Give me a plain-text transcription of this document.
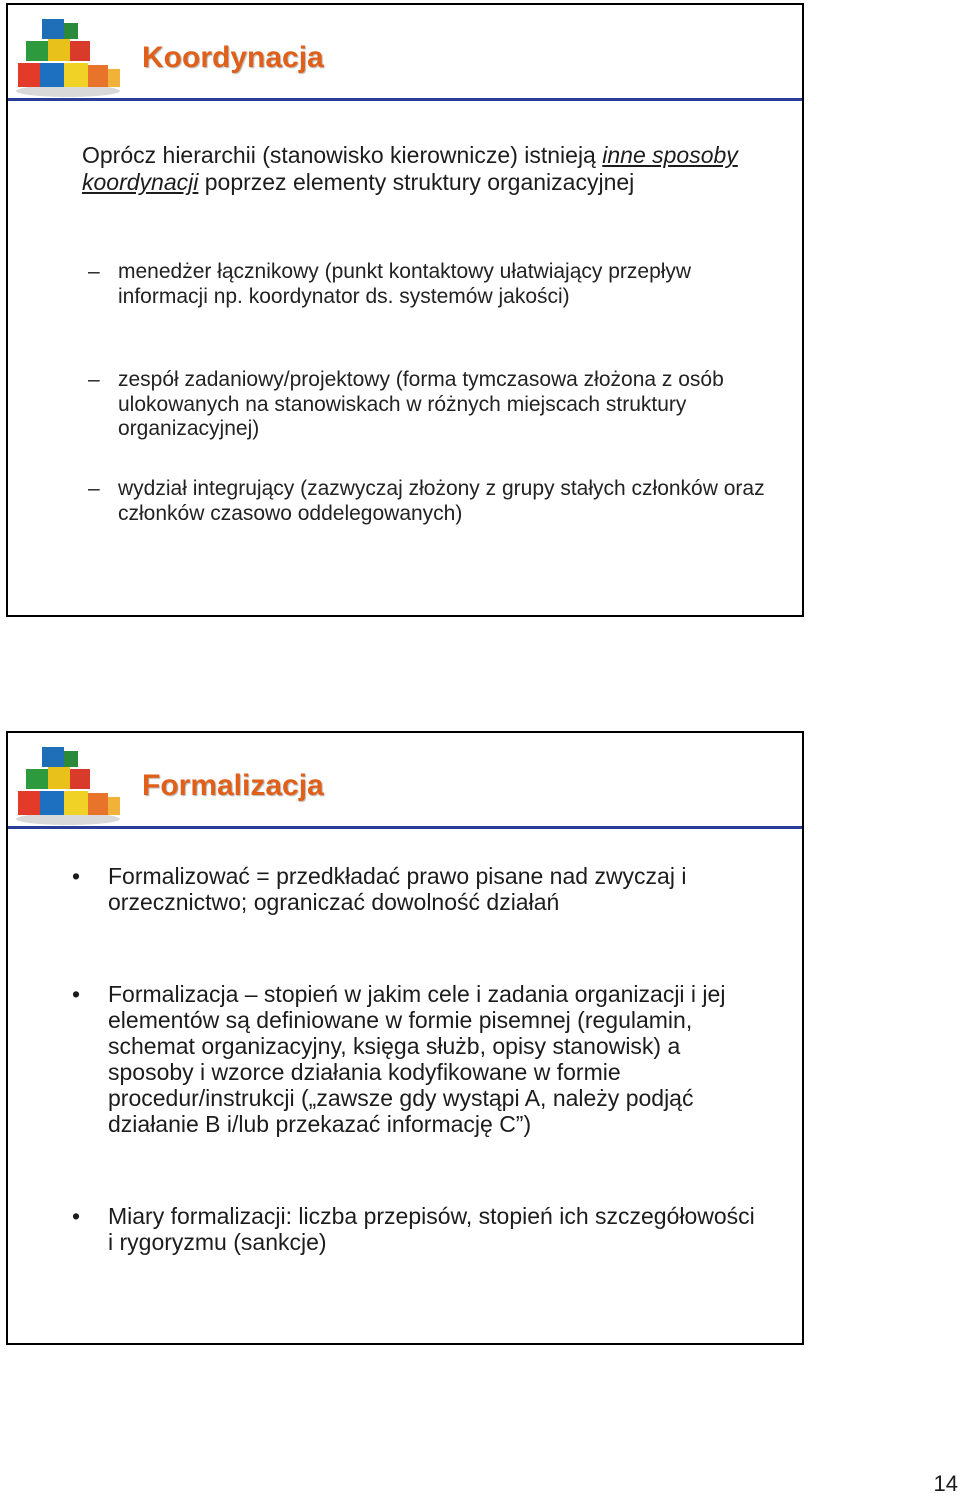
Koordynacja
Oprócz hierarchii (stanowisko kierownicze) istnieją inne sposoby koordynacji poprzez elementy struktury organizacyjnej
– menedżer łącznikowy (punkt kontaktowy ułatwiający przepływ informacji np. koordynator ds. systemów jakości)
– zespół zadaniowy/projektowy (forma tymczasowa złożona z osób ulokowanych na stanowiskach w różnych miejscach struktury organizacyjnej)
– wydział integrujący (zazwyczaj złożony z grupy stałych członków oraz członków czasowo oddelegowanych)
Formalizacja
• Formalizować = przedkładać prawo pisane nad zwyczaj i orzecznictwo; ograniczać dowolność działań
• Formalizacja – stopień w jakim cele i zadania organizacji i jej elementów są definiowane w formie pisemnej (regulamin, schemat organizacyjny, księga służb, opisy stanowisk) a sposoby i wzorce działania kodyfikowane w formie procedur/instrukcji („zawsze gdy wystąpi A, należy podjąć działanie B i/lub przekazać informację C”)
• Miary formalizacji: liczba przepisów, stopień ich szczegółowości i rygoryzmu (sankcje)
14
